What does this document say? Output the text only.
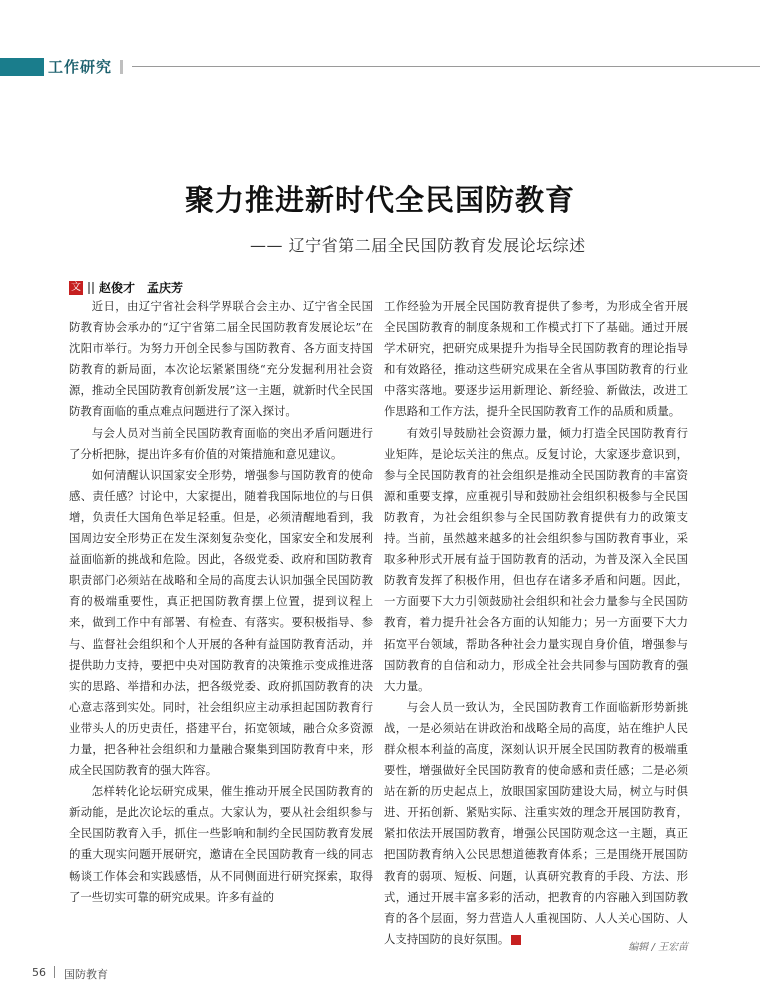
工作研究
聚力推进新时代全民国防教育
—— 辽宁省第二届全民国防教育发展论坛综述
文 赵俊才　孟庆芳

近日，由辽宁省社会科学界联合会主办、辽宁省全民国防教育协会承办的“辽宁省第二届全民国防教育发展论坛”在沈阳市举行。为努力开创全民参与国防教育、各方面支持国防教育的新局面，本次论坛紧紧围绕“充分发掘利用社会资源，推动全民国防教育创新发展”这一主题，就新时代全民国防教育面临的重点难点问题进行了深入探讨。

与会人员对当前全民国防教育面临的突出矛盾问题进行了分析把脉，提出许多有价值的对策措施和意见建议。

如何清醒认识国家安全形势，增强参与国防教育的使命感、责任感？讨论中，大家提出，随着我国际地位的与日俱增，负责任大国角色举足轻重。但是，必须清醒地看到，我国周边安全形势正在发生深刻复杂变化，国家安全和发展利益面临新的挑战和危险。因此，各级党委、政府和国防教育职责部门必须站在战略和全局的高度去认识加强全民国防教育的极端重要性，真正把国防教育摆上位置，提到议程上来，做到工作中有部署、有检查、有落实。要积极指导、参与、监督社会组织和个人开展的各种有益国防教育活动，并提供助力支持，要把中央对国防教育的决策推示变成推进落实的思路、举措和办法，把各级党委、政府抓国防教育的决心意志落到实处。同时，社会组织应主动承担起国防教育行业带头人的历史责任，搭建平台，拓宽领域，融合众多资源力量，把各种社会组织和力量融合聚集到国防教育中来，形成全民国防教育的强大阵容。

怎样转化论坛研究成果，催生推动开展全民国防教育的新动能，是此次论坛的重点。大家认为，要从社会组织参与全民国防教育入手，抓住一些影响和制约全民国防教育发展的重大现实问题开展研究，邀请在全民国防教育一线的同志畅谈工作体会和实践感悟，从不同侧面进行研究探索，取得了一些切实可靠的研究成果。许多有益的

工作经验为开展全民国防教育提供了参考，为形成全省开展全民国防教育的制度条规和工作模式打下了基础。通过开展学术研究，把研究成果提升为指导全民国防教育的理论指导和有效路径，推动这些研究成果在全省从事国防教育的行业中落实落地。要逐步运用新理论、新经验、新做法，改进工作思路和工作方法，提升全民国防教育工作的品质和质量。

有效引导鼓励社会资源力量，倾力打造全民国防教育行业矩阵，是论坛关注的焦点。反复讨论，大家逐步意识到，参与全民国防教育的社会组织是推动全民国防教育的丰富资源和重要支撑，应重视引导和鼓励社会组织积极参与全民国防教育，为社会组织参与全民国防教育提供有力的政策支持。当前，虽然越来越多的社会组织参与国防教育事业，采取多种形式开展有益于国防教育的活动，为普及深入全民国防教育发挥了积极作用，但也存在诸多矛盾和问题。因此，一方面要下大力引领鼓励社会组织和社会力量参与全民国防教育，着力提升社会各方面的认知能力；另一方面要下大力拓宽平台领域，帮助各种社会力量实现自身价值，增强参与国防教育的自信和动力，形成全社会共同参与国防教育的强大力量。

与会人员一致认为，全民国防教育工作面临新形势新挑战，一是必须站在讲政治和战略全局的高度，站在维护人民群众根本利益的高度，深刻认识开展全民国防教育的极端重要性，增强做好全民国防教育的使命感和责任感；二是必须站在新的历史起点上，放眼国家国防建设大局，树立与时俱进、开拓创新、紧贴实际、注重实效的理念开展国防教育，紧扣依法开展国防教育，增强公民国防观念这一主题，真正把国防教育纳入公民思想道德教育体系；三是围绕开展国防教育的弱项、短板、问题，认真研究教育的手段、方法、形式，通过开展丰富多彩的活动，把教育的内容融入到国防教育的各个层面，努力营造人人重视国防、人人关心国防、人人支持国防的良好氛围。	G

编辑 / 王宏苗
56 国防教育
